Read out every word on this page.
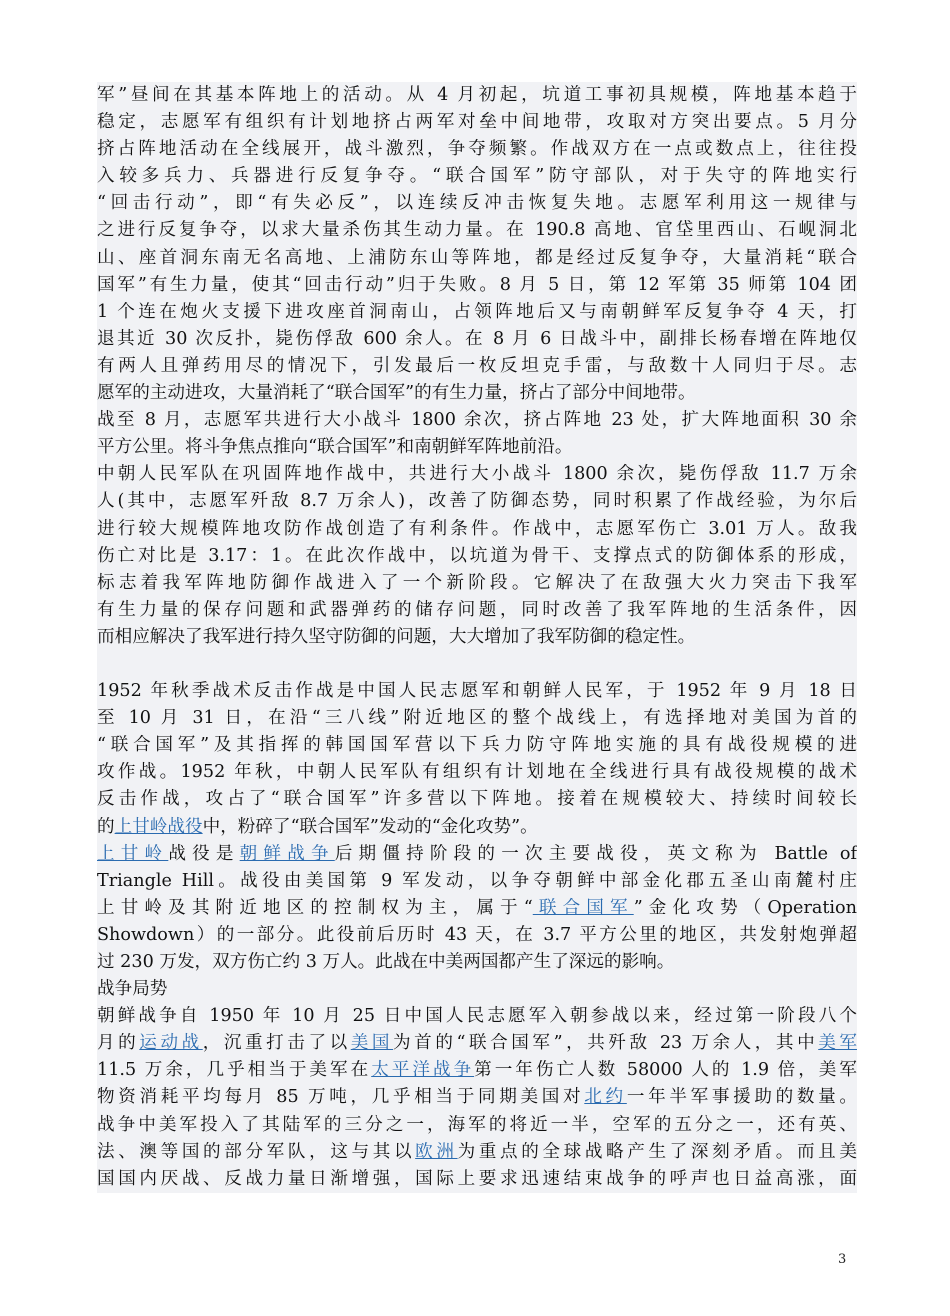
军”昼间在其基本阵地上的活动。从 4 月初起，坑道工事初具规模，阵地基本趋于
稳定，志愿军有组织有计划地挤占两军对垒中间地带，攻取对方突出要点。5 月分
挤占阵地活动在全线展开，战斗激烈，争夺频繁。作战双方在一点或数点上，往往投
入较多兵力、兵器进行反复争夺。“联合国军”防守部队，对于失守的阵地实行
“回击行动”，即“有失必反”，以连续反冲击恢复失地。志愿军利用这一规律与
之进行反复争夺，以求大量杀伤其生动力量。在 190.8 高地、官垈里西山、石岘洞北
山、座首洞东南无名高地、上浦防东山等阵地，都是经过反复争夺，大量消耗“联合
国军”有生力量，使其“回击行动”归于失败。8 月 5 日，第 12 军第 35 师第 104 团
1 个连在炮火支援下进攻座首洞南山，占领阵地后又与南朝鲜军反复争夺 4 天，打
退其近 30 次反扑，毙伤俘敌 600 余人。在 8 月 6 日战斗中，副排长杨春增在阵地仅
有两人且弹药用尽的情况下，引发最后一枚反坦克手雷，与敌数十人同归于尽。志
愿军的主动进攻，大量消耗了“联合国军”的有生力量，挤占了部分中间地带。
战至 8 月，志愿军共进行大小战斗 1800 余次，挤占阵地 23 处，扩大阵地面积 30 余
平方公里。将斗争焦点推向“联合国军”和南朝鲜军阵地前沿。
中朝人民军队在巩固阵地作战中，共进行大小战斗 1800 余次，毙伤俘敌 11.7 万余
人(其中，志愿军歼敌 8.7 万余人)，改善了防御态势，同时积累了作战经验，为尔后
进行较大规模阵地攻防作战创造了有利条件。作战中，志愿军伤亡 3.01 万人。敌我
伤亡对比是 3.17：1。在此次作战中，以坑道为骨干、支撑点式的防御体系的形成，
标志着我军阵地防御作战进入了一个新阶段。它解决了在敌强大火力突击下我军
有生力量的保存问题和武器弹药的储存问题，同时改善了我军阵地的生活条件，因
而相应解决了我军进行持久坚守防御的问题，大大增加了我军防御的稳定性。

1952 年秋季战术反击作战是中国人民志愿军和朝鲜人民军，于 1952 年 9 月 18 日
至 10 月 31 日，在沿“三八线”附近地区的整个战线上，有选择地对美国为首的
“联合国军”及其指挥的韩国国军营以下兵力防守阵地实施的具有战役规模的进
攻作战。1952 年秋，中朝人民军队有组织有计划地在全线进行具有战役规模的战术
反击作战，攻占了“联合国军”许多营以下阵地。接着在规模较大、持续时间较长
的上甘岭战役中，粉碎了“联合国军”发动的“金化攻势”。
上甘岭战役是朝鲜战争后期僵持阶段的一次主要战役，英文称为 Battle of
Triangle Hill。战役由美国第 9 军发动，以争夺朝鲜中部金化郡五圣山南麓村庄
上甘岭及其附近地区的控制权为主，属于“联合国军”金化攻势（Operation
Showdown）的一部分。此役前后历时 43 天，在 3.7 平方公里的地区，共发射炮弹超
过 230 万发，双方伤亡约 3 万人。此战在中美两国都产生了深远的影响。
战争局势
朝鲜战争自 1950 年 10 月 25 日中国人民志愿军入朝参战以来，经过第一阶段八个
月的运动战，沉重打击了以美国为首的“联合国军”，共歼敌 23 万余人，其中美军
11.5 万余，几乎相当于美军在太平洋战争第一年伤亡人数 58000 人的 1.9 倍，美军
物资消耗平均每月 85 万吨，几乎相当于同期美国对北约一年半军事援助的数量。
战争中美军投入了其陆军的三分之一，海军的将近一半，空军的五分之一，还有英、
法、澳等国的部分军队，这与其以欧洲为重点的全球战略产生了深刻矛盾。而且美
国国内厌战、反战力量日渐增强，国际上要求迅速结束战争的呼声也日益高涨，面
3
